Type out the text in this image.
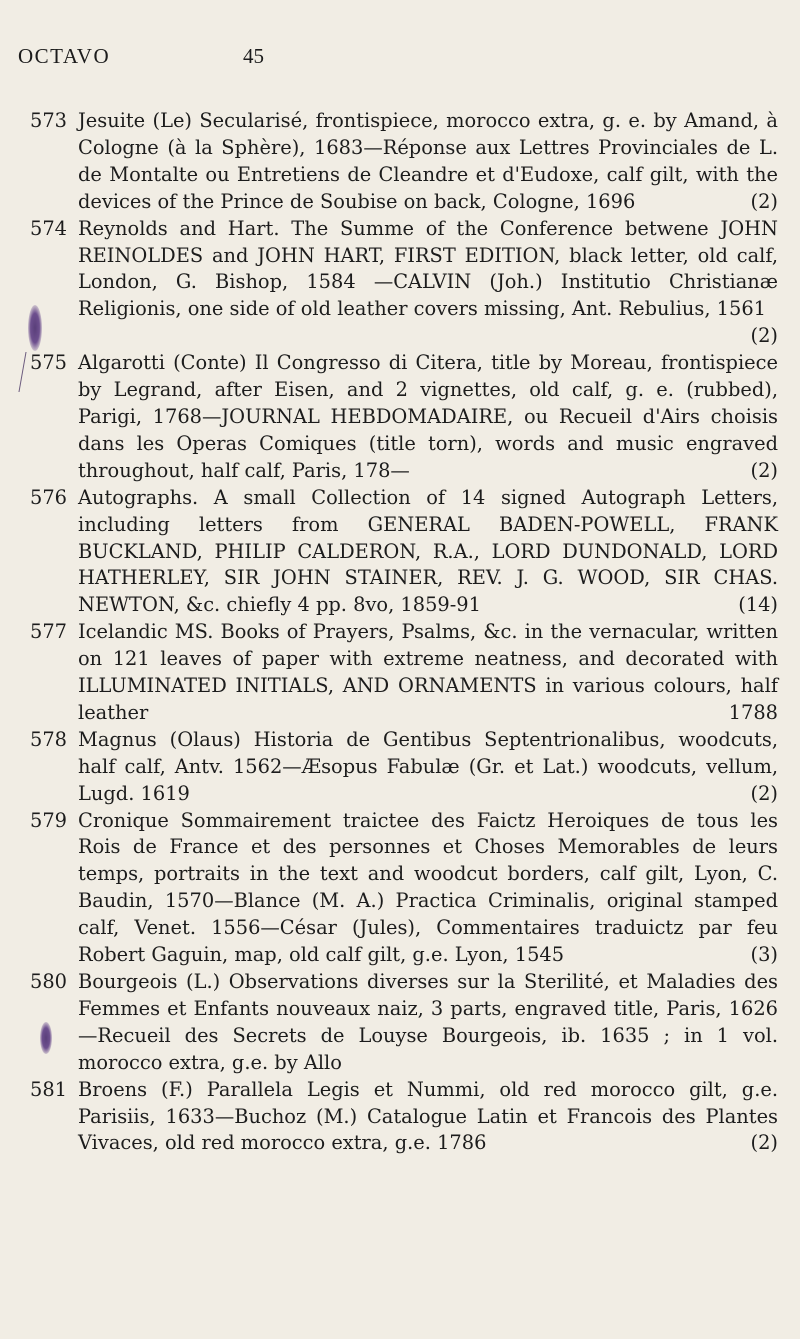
OCTAVO	45
573 Jesuite (Le) Secularisé, frontispiece, morocco extra, g. e. by Amand, à Cologne (à la Sphère), 1683—Réponse aux Lettres Provinciales de L. de Montalte ou Entretiens de Cleandre et d'Eudoxe, calf gilt, with the devices of the Prince de Soubise on back, Cologne, 1696	(2)
574 Reynolds and Hart. The Summe of the Conference betwene JOHN REINOLDES and JOHN HART, FIRST EDITION, black letter, old calf, London, G. Bishop, 1584 —CALVIN (Joh.) Institutio Christianæ Religionis, one side of old leather covers missing, Ant. Rebulius, 1561
(2)
575 Algarotti (Conte) Il Congresso di Citera, title by Moreau, frontispiece by Legrand, after Eisen, and 2 vignettes, old calf, g. e. (rubbed), Parigi, 1768—JOURNAL HEBDOMADAIRE, ou Recueil d'Airs choisis dans les Operas Comiques (title torn), words and music engraved throughout, half calf, Paris, 178—	(2)
576 Autographs. A small Collection of 14 signed Autograph Letters, including letters from GENERAL BADEN-POWELL, FRANK BUCKLAND, PHILIP CALDERON, R.A., LORD DUNDONALD, LORD HATHERLEY, SIR JOHN STAINER, REV. J. G. WOOD, SIR CHAS. NEWTON, &c. chiefly 4 pp. 8vo, 1859-91	(14)
577 Icelandic MS. Books of Prayers, Psalms, &c. in the vernacular, written on 121 leaves of paper with extreme neatness, and decorated with ILLUMINATED INITIALS, AND ORNAMENTS in various colours, half leather	1788
578 Magnus (Olaus) Historia de Gentibus Septentrionalibus, woodcuts, half calf, Antv. 1562—Æsopus Fabulæ (Gr. et Lat.) woodcuts, vellum, Lugd. 1619	(2)
579 Cronique Sommairement traictee des Faictz Heroiques de tous les Rois de France et des personnes et Choses Memorables de leurs temps, portraits in the text and woodcut borders, calf gilt, Lyon, C. Baudin, 1570—Blance (M. A.) Practica Criminalis, original stamped calf, Venet. 1556—César (Jules), Commentaires traduictz par feu Robert Gaguin, map, old calf gilt, g.e. Lyon, 1545	(3)
580 Bourgeois (L.) Observations diverses sur la Sterilité, et Maladies des Femmes et Enfants nouveaux naiz, 3 parts, engraved title, Paris, 1626—Recueil des Secrets de Louyse Bourgeois, ib. 1635 ; in 1 vol. morocco extra, g.e. by Allo
581 Broens (F.) Parallela Legis et Nummi, old red morocco gilt, g.e. Parisiis, 1633—Buchoz (M.) Catalogue Latin et Francois des Plantes Vivaces, old red morocco extra, g.e. 1786	(2)
